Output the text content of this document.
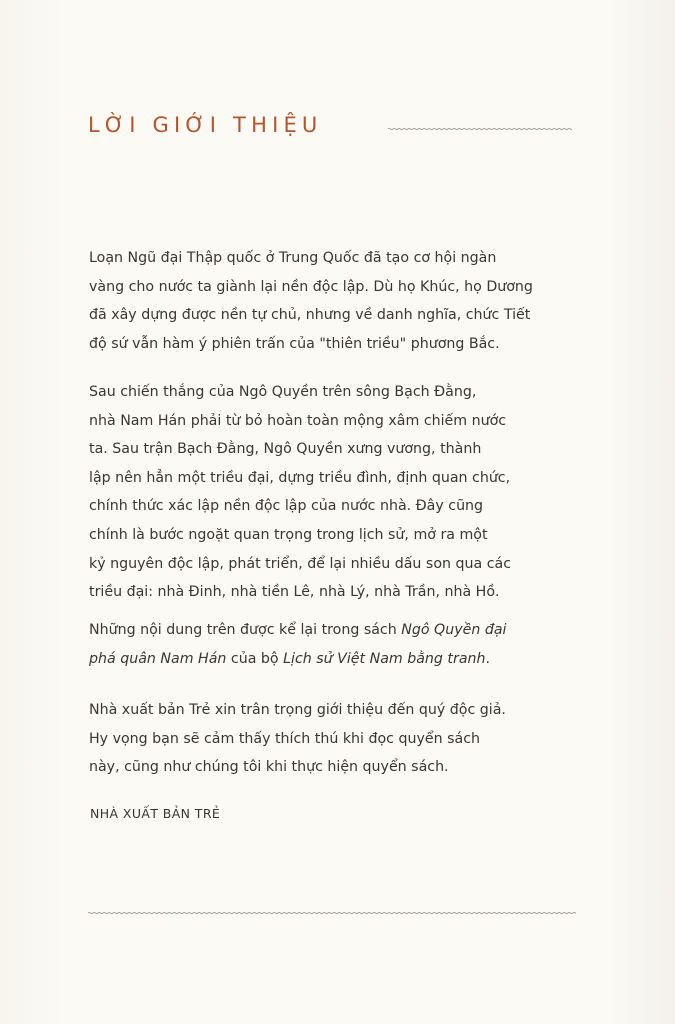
LỜI GIỚI THIỆU
Loạn Ngũ đại Thập quốc ở Trung Quốc đã tạo cơ hội ngàn
vàng cho nước ta giành lại nền độc lập. Dù họ Khúc, họ Dương
đã xây dựng được nền tự chủ, nhưng về danh nghĩa, chức Tiết
độ sứ vẫn hàm ý phiên trấn của "thiên triều" phương Bắc.
Sau chiến thắng của Ngô Quyền trên sông Bạch Đằng,
nhà Nam Hán phải từ bỏ hoàn toàn mộng xâm chiếm nước
ta. Sau trận Bạch Đằng, Ngô Quyền xưng vương, thành
lập nên hẳn một triều đại, dựng triều đình, định quan chức,
chính thức xác lập nền độc lập của nước nhà. Đây cũng
chính là bước ngoặt quan trọng trong lịch sử, mở ra một
kỷ nguyên độc lập, phát triển, để lại nhiều dấu son qua các
triều đại: nhà Đinh, nhà tiền Lê, nhà Lý, nhà Trần, nhà Hồ.
Những nội dung trên được kể lại trong sách Ngô Quyền đại
phá quân Nam Hán của bộ Lịch sử Việt Nam bằng tranh.
Nhà xuất bản Trẻ xin trân trọng giới thiệu đến quý độc giả.
Hy vọng bạn sẽ cảm thấy thích thú khi đọc quyển sách
này, cũng như chúng tôi khi thực hiện quyển sách.
NHÀ XUẤT BẢN TRẺ
